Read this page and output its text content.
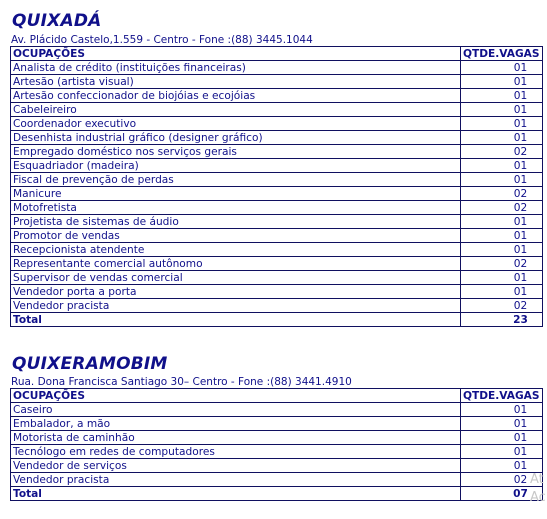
QUIXADÁ
Av. Plácido Castelo,1.559 - Centro - Fone :(88) 3445.1044
OCUPAÇÕES	QTDE.VAGAS
Analista de crédito (instituições financeiras)	01
Artesão (artista visual)	01
Artesão confeccionador de biojóias e ecojóias	01
Cabeleireiro	01
Coordenador executivo	01
Desenhista industrial gráfico (designer gráfico)	01
Empregado doméstico nos serviços gerais	02
Esquadriador (madeira)	01
Fiscal de prevenção de perdas	01
Manicure	02
Motofretista	02
Projetista de sistemas de áudio	01
Promotor de vendas	01
Recepcionista atendente	01
Representante comercial autônomo	02
Supervisor de vendas comercial	01
Vendedor porta a porta	01
Vendedor pracista	02
Total	23
QUIXERAMOBIM
Rua. Dona Francisca Santiago 30– Centro - Fone :(88) 3441.4910
OCUPAÇÕES	QTDE.VAGAS
Caseiro	01
Embalador, a mão	01
Motorista de caminhão	01
Tecnólogo em redes de computadores	01
Vendedor de serviços	01
Vendedor pracista	02
Total	07
At
Ac
